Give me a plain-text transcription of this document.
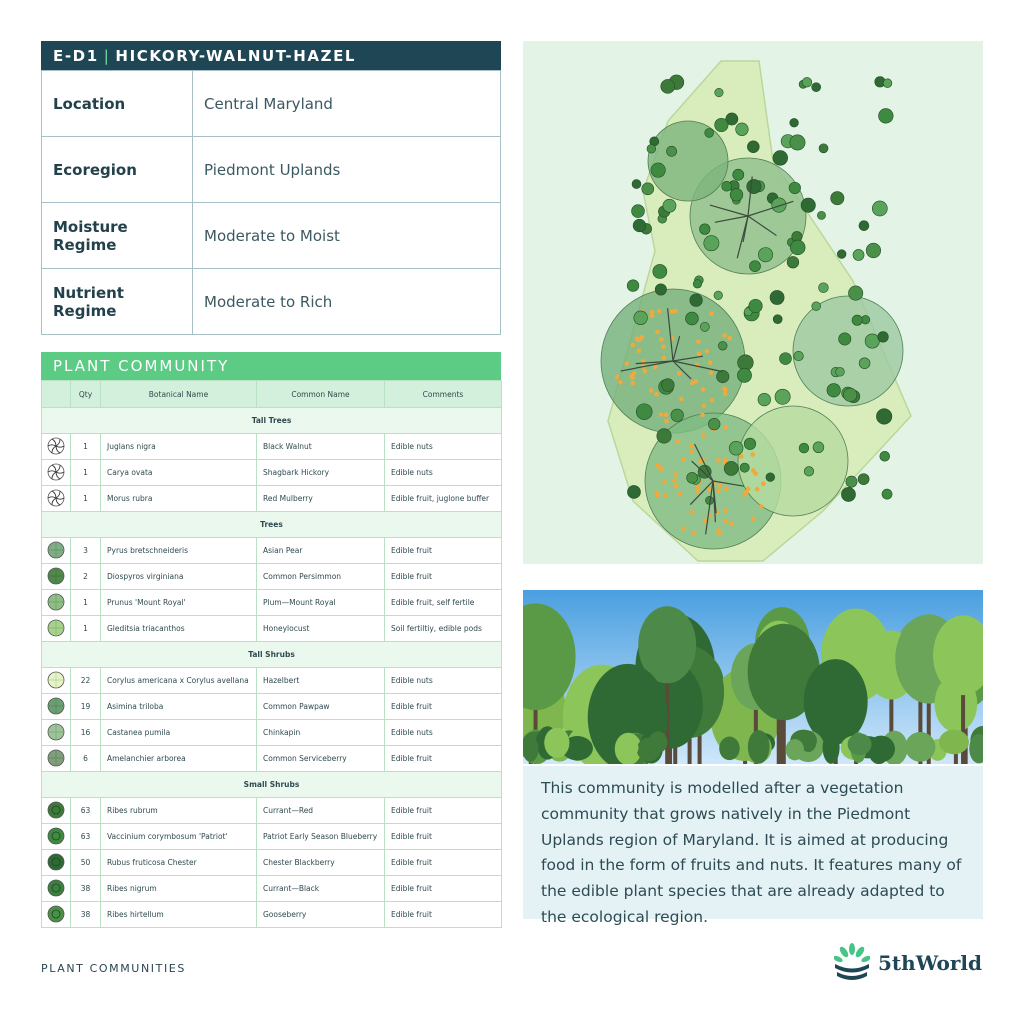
E-D1 | HICKORY-WALNUT-HAZEL
Location	Central Maryland
Ecoregion	Piedmont Uplands
Moisture Regime	Moderate to Moist
Nutrient Regime	Moderate to Rich
PLANT COMMUNITY
	Qty	Botanical Name	Common Name	Comments
Tall Trees				
	1	Juglans nigra	Black Walnut	Edible nuts
	1	Carya ovata	Shagbark Hickory	Edible nuts
	1	Morus rubra	Red Mulberry	Edible fruit, juglone buffer
Trees				
	3	Pyrus bretschneideris	Asian Pear	Edible fruit
	2	Diospyros virginiana	Common Persimmon	Edible fruit
	1	Prunus 'Mount Royal'	Plum—Mount Royal	Edible fruit, self fertile
	1	Gleditsia triacanthos	Honeylocust	Soil fertiltiy, edible pods
Tall Shrubs				
	22	Corylus americana x Corylus avellana	Hazelbert	Edible nuts
	19	Asimina triloba	Common Pawpaw	Edible fruit
	16	Castanea pumila	Chinkapin	Edible nuts
	6	Amelanchier arborea	Common Serviceberry	Edible fruit
Small Shrubs				
	63	Ribes rubrum	Currant—Red	Edible fruit
	63	Vaccinium corymbosum 'Patriot'	Patriot Early Season Blueberry	Edible fruit
	50	Rubus fruticosa Chester	Chester Blackberry	Edible fruit
	38	Ribes nigrum	Currant—Black	Edible fruit
	38	Ribes hirtellum	Gooseberry	Edible fruit
This community is modelled after a vegetation community that grows natively in the Piedmont Uplands region of Maryland. It is aimed at producing food in the form of fruits and nuts. It features many of the edible plant species that are already adapted to the ecological region.
PLANT COMMUNITIES	5thWorld
